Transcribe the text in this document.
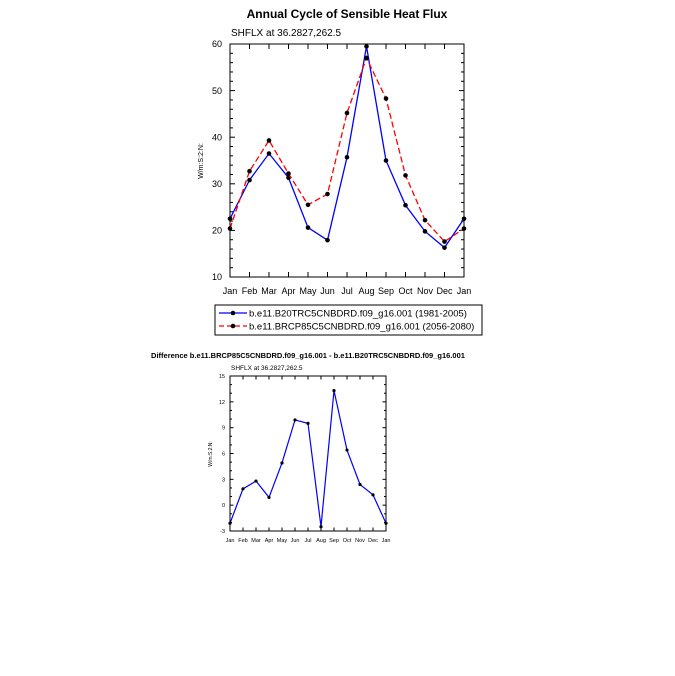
Annual Cycle of Sensible Heat Flux
SHFLX at 36.2827,262.5
W/m:S:2:N:
10
20
30
40
50
60
Jan Feb Mar Apr May Jun Jul Aug Sep Oct Nov Dec Jan
b.e11.B20TRC5CNBDRD.f09_g16.001 (1981-2005)
b.e11.BRCP85C5CNBDRD.f09_g16.001 (2056-2080)
Difference b.e11.BRCP85C5CNBDRD.f09_g16.001 - b.e11.B20TRC5CNBDRD.f09_g16.001
SHFLX at 36.2827,262.5
W/m:S:2:N:
-3
0
3
6
9
12
15
Jan Feb Mar Apr May Jun Jul Aug Sep Oct Nov Dec Jan
